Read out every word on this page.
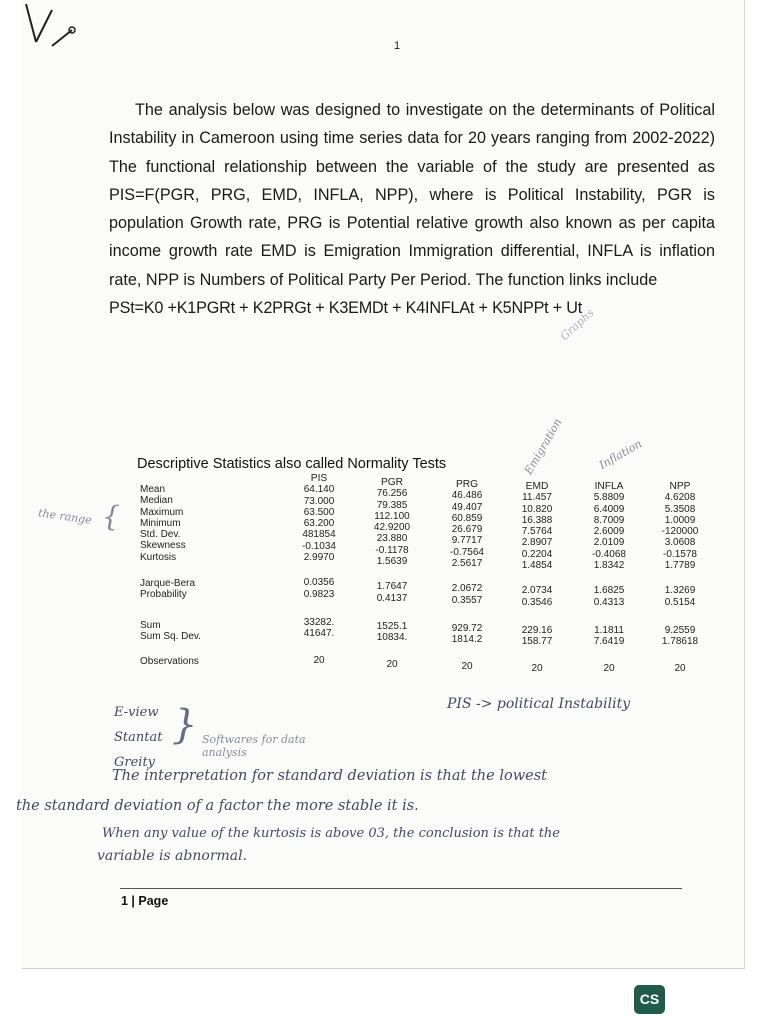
1

The analysis below was designed to investigate on the determinants of Political Instability in Cameroon using time series data for 20 years ranging from 2002-2022) The functional relationship between the variable of the study are presented as PIS=F(PGR, PRG, EMD, INFLA, NPP), where is Political Instability, PGR is population Growth rate, PRG is Potential relative growth also known as per capita income growth rate EMD is Emigration Immigration differential, INFLA is inflation rate, NPP is Numbers of Political Party Per Period. The function links include
PSt=K0 +K1PGRt + K2PRGt + K3EMDt + K4INFLAt + K5NPPt + Ut

Graphs
Descriptive Statistics also called Normality Tests	Emigration	Inflation
Mean
Median
Maximum
Minimum
Std. Dev.
Skewness
Kurtosis
Jarque-Bera
Probability
Sum
Sum Sq. Dev.
Observations
the range {
PIS
64.140
73.000
63.500
63.200
481854
-0.1034
2.9970
0.0356
0.9823
33282.
41647.
20
PGR
76.256
79.385
112.100
42.9200
23.880
-0.1178
1.5639
1.7647
0.4137
1525.1
10834.
20
PRG
46.486
49.407
60.859
26.679
9.7717
-0.7564
2.5617
2.0672
0.3557
929.72
1814.2
20
EMD
11.457
10.820
16.388
7.5764
2.8907
0.2204
1.4854
2.0734
0.3546
229.16
158.77
20
INFLA
5.8809
6.4009
8.7009
2.6009
2.0109
-0.4068
1.8342
1.6825
0.4313
1.1811
7.6419
20
NPP
4.6208
5.3508
1.0009
-120000
3.0608
-0.1578
1.7789
1.3269
0.5154
9.2559
1.78618
20
E-view
Stantat
Greity
} Softwares for data analysis
PIS -> political Instability
The interpretation for standard deviation is that the lowest
the standard deviation of a factor the more stable it is.
When any value of the kurtosis is above 03, the conclusion is that the
variable is abnormal.
1 | Page
CS
